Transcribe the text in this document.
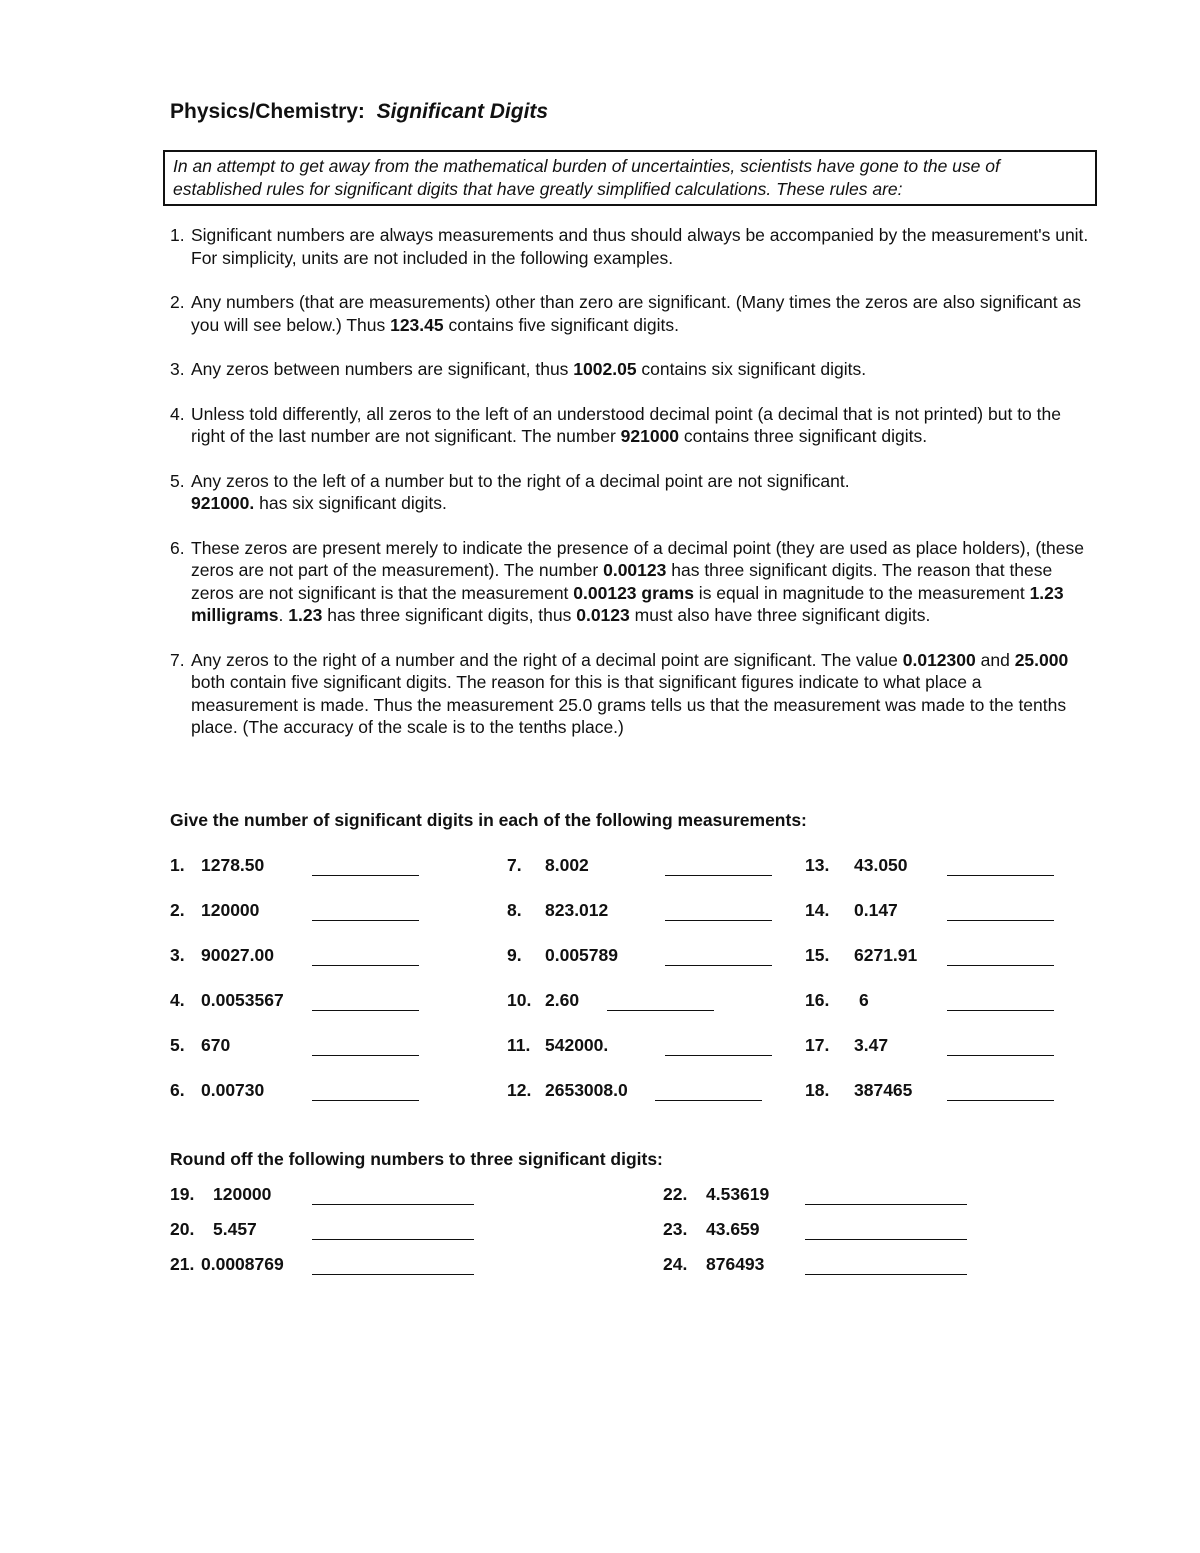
Physics/Chemistry: Significant Digits
In an attempt to get away from the mathematical burden of uncertainties, scientists have gone to the use of established rules for significant digits that have greatly simplified calculations. These rules are:
1. Significant numbers are always measurements and thus should always be accompanied by the measurement's unit. For simplicity, units are not included in the following examples.
2. Any numbers (that are measurements) other than zero are significant. (Many times the zeros are also significant as you will see below.) Thus 123.45 contains five significant digits.
3. Any zeros between numbers are significant, thus 1002.05 contains six significant digits.
4. Unless told differently, all zeros to the left of an understood decimal point (a decimal that is not printed) but to the right of the last number are not significant. The number 921000 contains three significant digits.
5. Any zeros to the left of a number but to the right of a decimal point are not significant.
921000. has six significant digits.
6. These zeros are present merely to indicate the presence of a decimal point (they are used as place holders), (these zeros are not part of the measurement). The number 0.00123 has three significant digits. The reason that these zeros are not significant is that the measurement 0.00123 grams is equal in magnitude to the measurement 1.23 milligrams. 1.23 has three significant digits, thus 0.0123 must also have three significant digits.
7. Any zeros to the right of a number and the right of a decimal point are significant. The value 0.012300 and 25.000 both contain five significant digits. The reason for this is that significant figures indicate to what place a measurement is made. Thus the measurement 25.0 grams tells us that the measurement was made to the tenths place. (The accuracy of the scale is to the tenths place.)
Give the number of significant digits in each of the following measurements:
1. 1278.50
2. 120000
3. 90027.00
4. 0.0053567
5. 670
6. 0.00730
7. 8.002
8. 823.012
9. 0.005789
10. 2.60
11. 542000.
12. 2653008.0
13. 43.050
14. 0.147
15. 6271.91
16. 6
17. 3.47
18. 387465
Round off the following numbers to three significant digits:
19. 120000
20. 5.457
21. 0.0008769
22. 4.53619
23. 43.659
24. 876493
